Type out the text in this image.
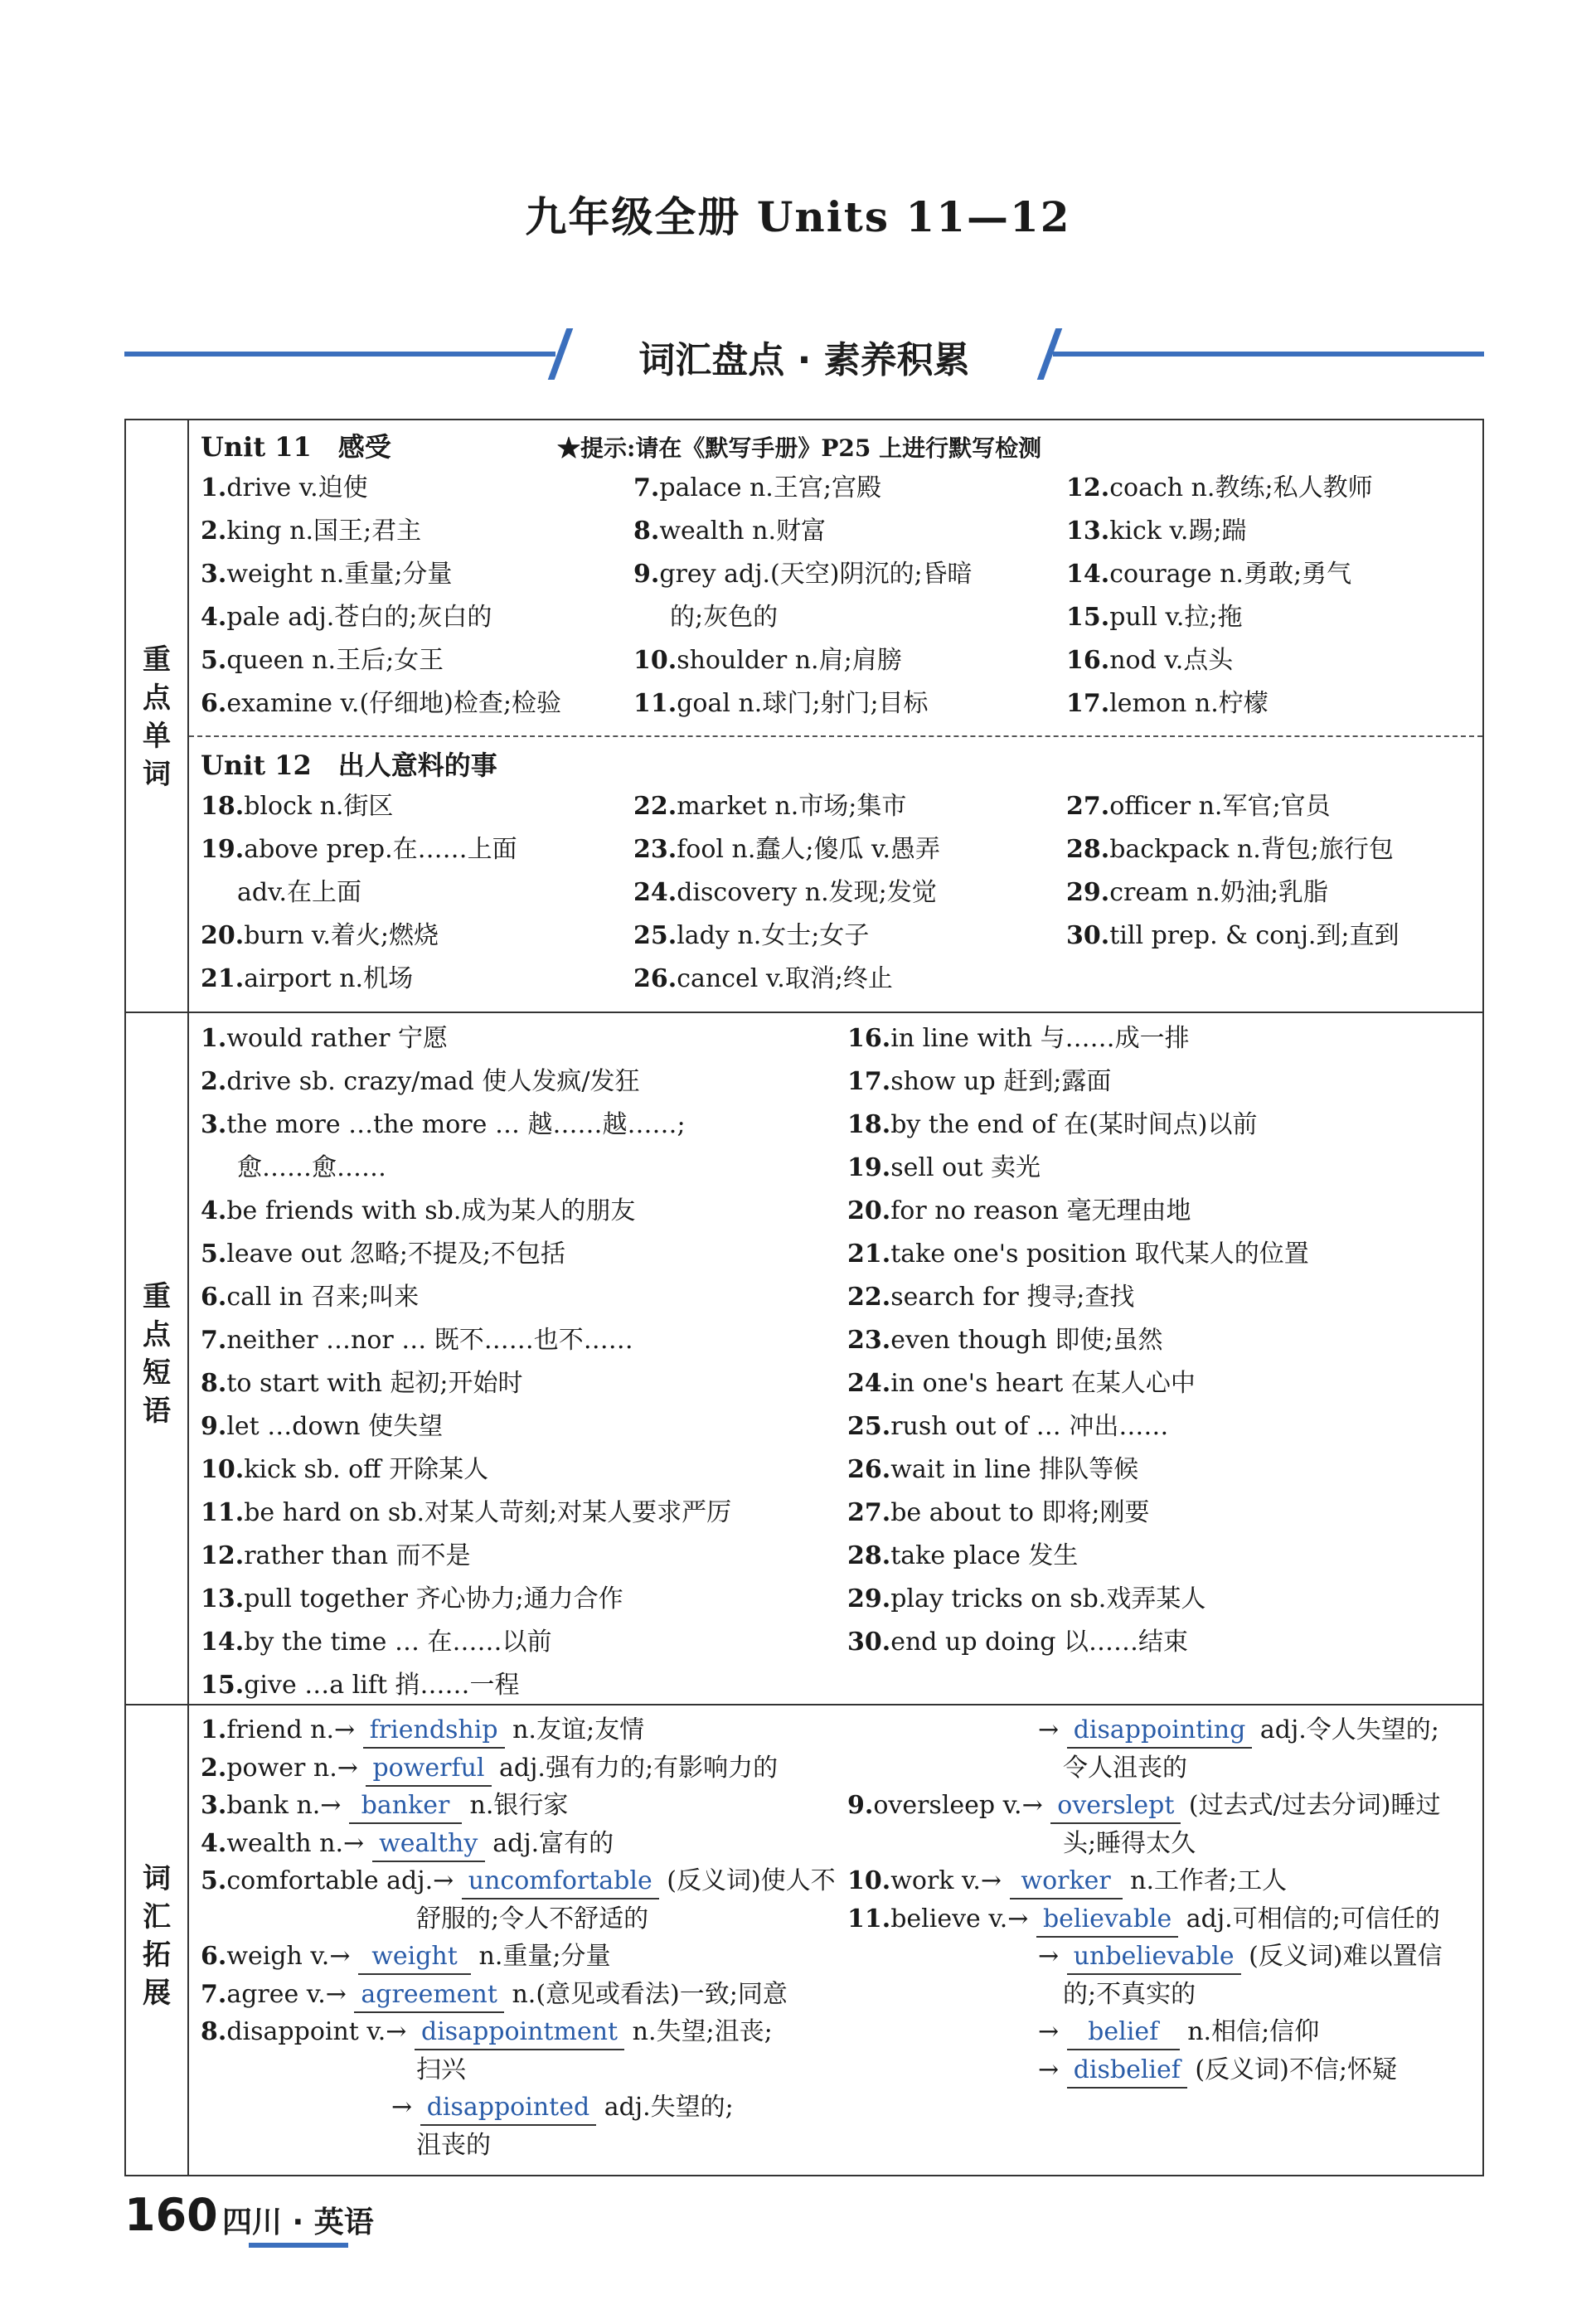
九年级全册 Units 11—12
词汇盘点 · 素养积累
重点单词
重点短语
词汇拓展
Unit 11　感受	★提示:请在《默写手册》P25 上进行默写检测
Unit 12　出人意料的事
1.drive v.迫使
2.king n.国王;君主
3.weight n.重量;分量
4.pale adj.苍白的;灰白的
5.queen n.王后;女王
6.examine v.(仔细地)检查;检验
7.palace n.王宫;宫殿
8.wealth n.财富
9.grey adj.(天空)阴沉的;昏暗
的;灰色的
10.shoulder n.肩;肩膀
11.goal n.球门;射门;目标
12.coach n.教练;私人教师
13.kick v.踢;踹
14.courage n.勇敢;勇气
15.pull v.拉;拖
16.nod v.点头
17.lemon n.柠檬
18.block n.街区
19.above prep.在……上面
adv.在上面
20.burn v.着火;燃烧
21.airport n.机场
22.market n.市场;集市
23.fool n.蠢人;傻瓜 v.愚弄
24.discovery n.发现;发觉
25.lady n.女士;女子
26.cancel v.取消;终止
27.officer n.军官;官员
28.backpack n.背包;旅行包
29.cream n.奶油;乳脂
30.till prep. & conj.到;直到
1.would rather 宁愿
2.drive sb. crazy/mad 使人发疯/发狂
3.the more …the more … 越……越……;
愈……愈……
4.be friends with sb.成为某人的朋友
5.leave out 忽略;不提及;不包括
6.call in 召来;叫来
7.neither …nor … 既不……也不……
8.to start with 起初;开始时
9.let …down 使失望
10.kick sb. off 开除某人
11.be hard on sb.对某人苛刻;对某人要求严厉
12.rather than 而不是
13.pull together 齐心协力;通力合作
14.by the time … 在……以前
15.give …a lift 捎……一程
16.in line with 与……成一排
17.show up 赶到;露面
18.by the end of 在(某时间点)以前
19.sell out 卖光
20.for no reason 毫无理由地
21.take one's position 取代某人的位置
22.search for 搜寻;查找
23.even though 即使;虽然
24.in one's heart 在某人心中
25.rush out of … 冲出……
26.wait in line 排队等候
27.be about to 即将;刚要
28.take place 发生
29.play tricks on sb.戏弄某人
30.end up doing 以……结束
1.friend n.→ friendship n.友谊;友情
2.power n.→ powerful adj.强有力的;有影响力的
3.bank n.→ banker n.银行家
4.wealth n.→ wealthy adj.富有的
5.comfortable adj.→ uncomfortable (反义词)使人不
舒服的;令人不舒适的
6.weigh v.→ weight n.重量;分量
7.agree v.→ agreement n.(意见或看法)一致;同意
8.disappoint v.→ disappointment n.失望;沮丧;
扫兴
→ disappointed adj.失望的;
沮丧的
→ disappointing adj.令人失望的;
令人沮丧的
9.oversleep v.→ overslept (过去式/过去分词)睡过
头;睡得太久
10.work v.→ worker n.工作者;工人
11.believe v.→ believable adj.可相信的;可信任的
→ unbelievable (反义词)难以置信
的;不真实的
→ belief n.相信;信仰
→ disbelief (反义词)不信;怀疑
160 四川 · 英语
